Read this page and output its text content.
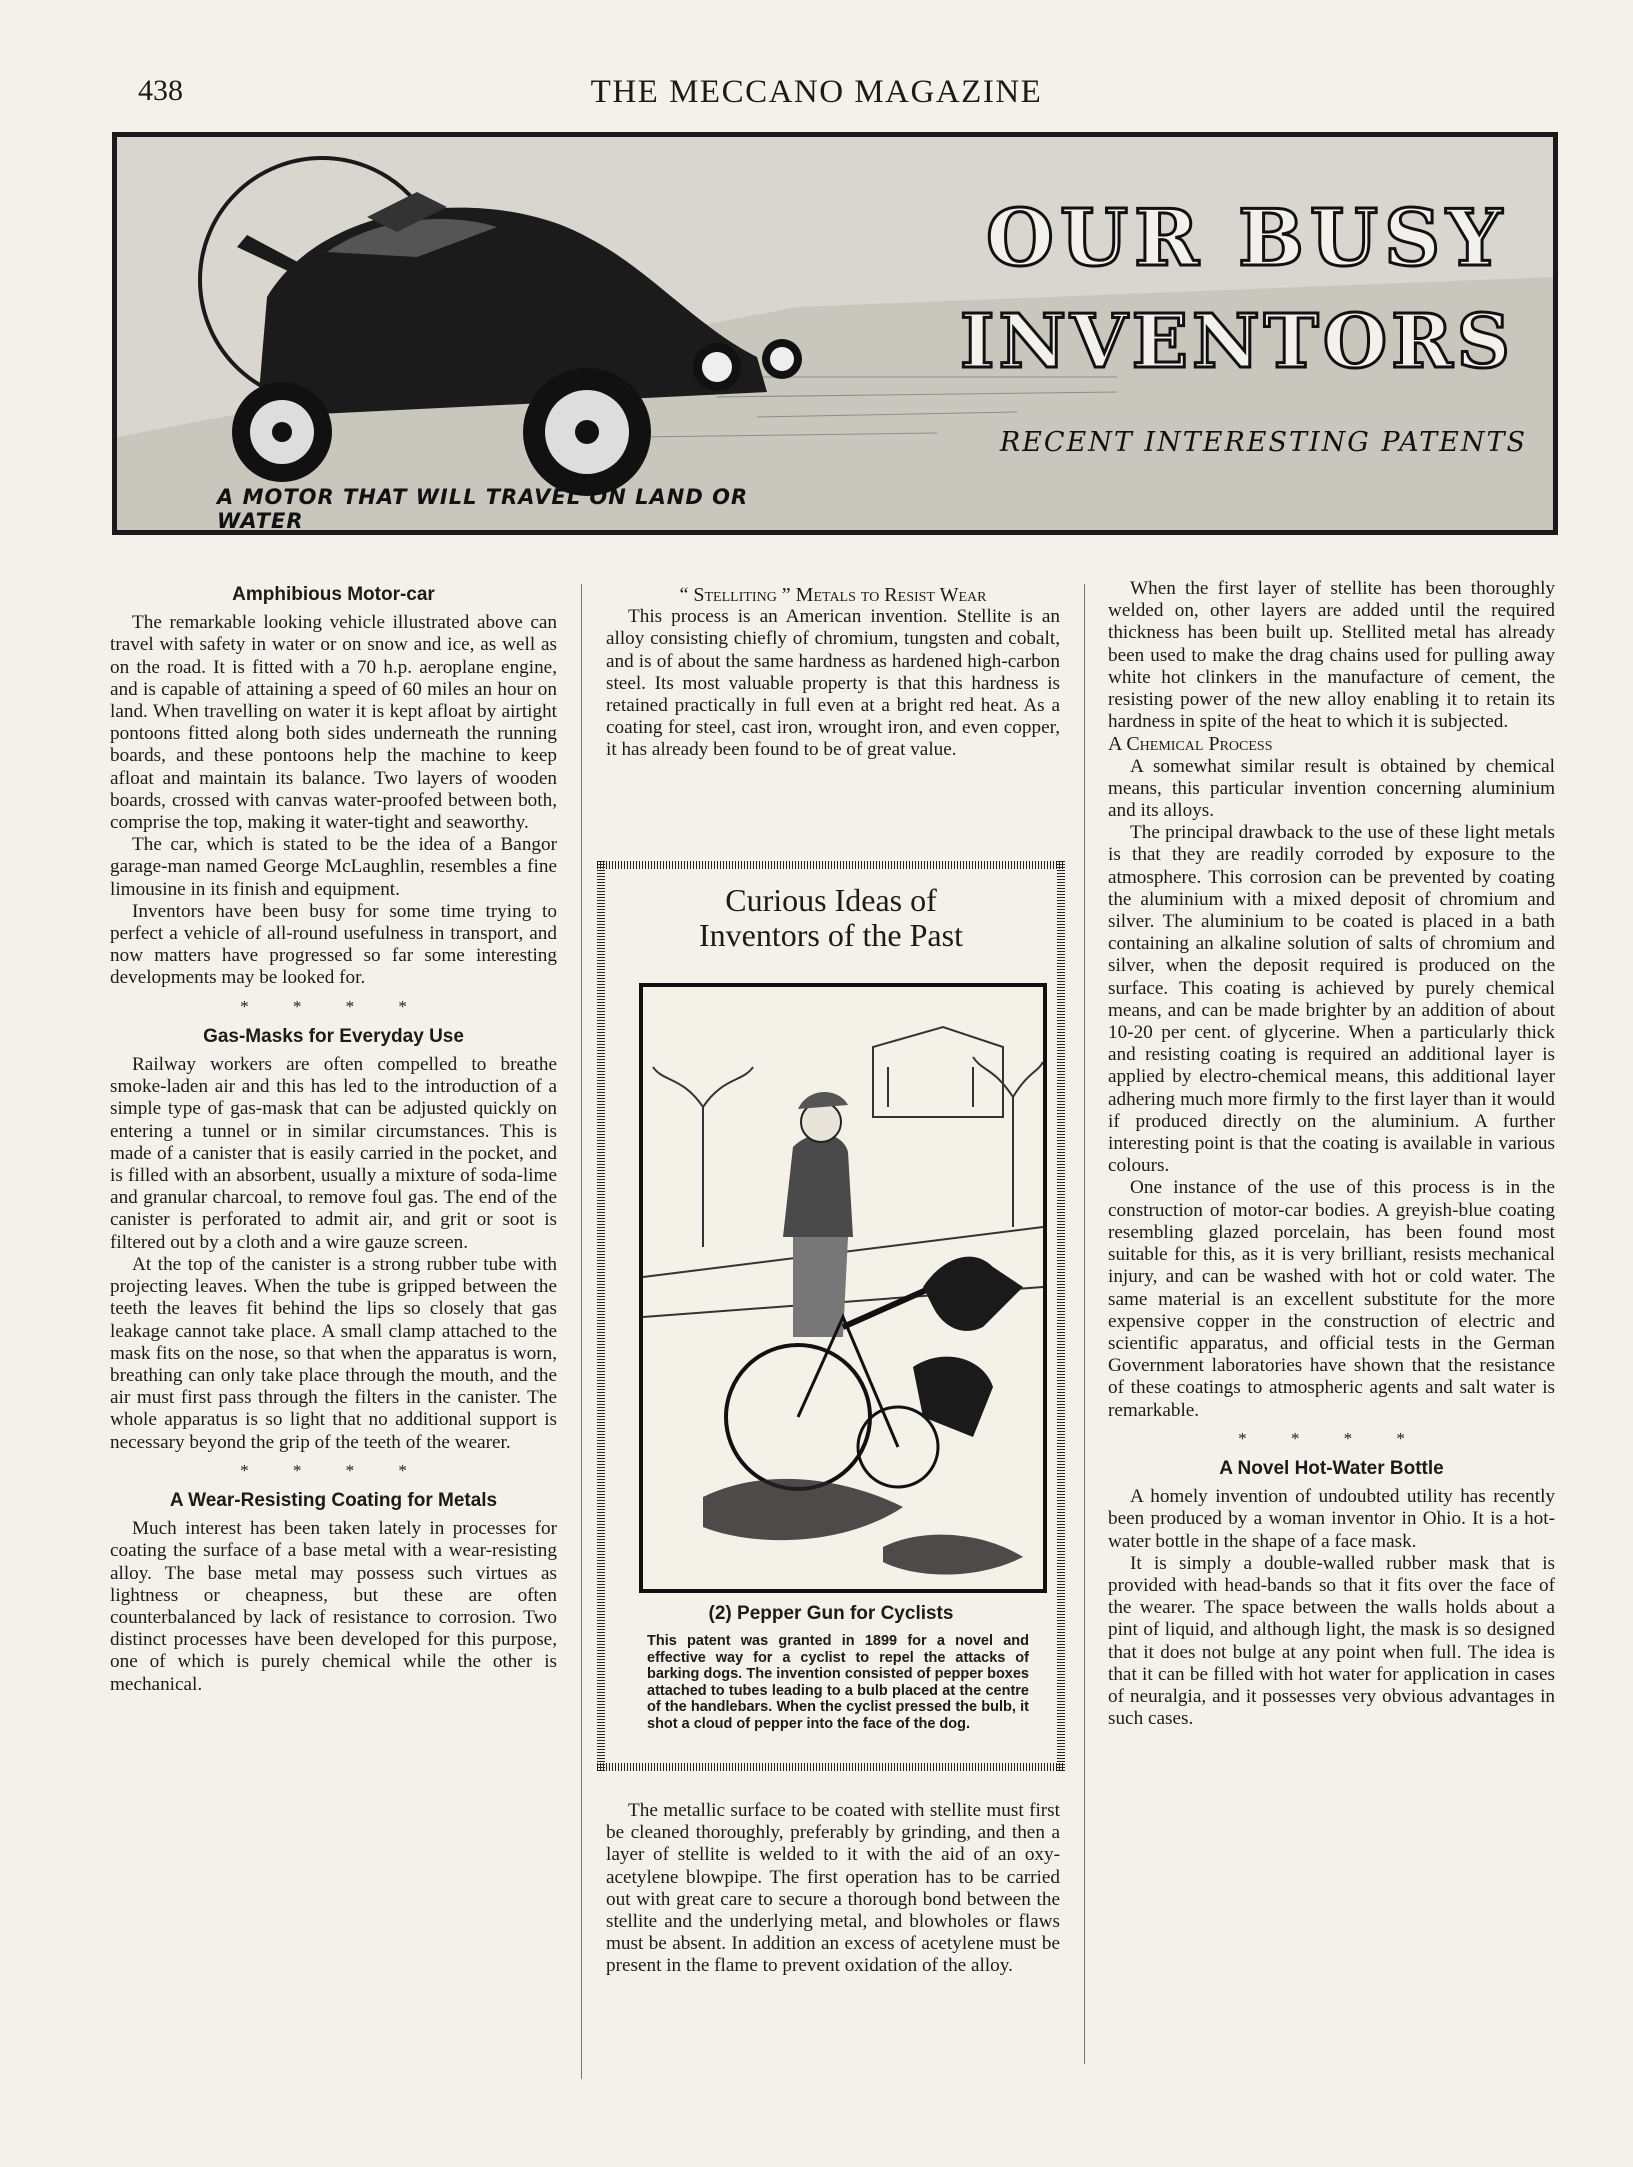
438	THE MECCANO MAGAZINE
OUR BUSY
INVENTORS
RECENT INTERESTING PATENTS
A MOTOR THAT WILL TRAVEL ON LAND OR WATER
Amphibious Motor-car

The remarkable looking vehicle illustrated above can travel with safety in water or on snow and ice, as well as on the road. It is fitted with a 70 h.p. aeroplane engine, and is capable of attaining a speed of 60 miles an hour on land. When travelling on water it is kept afloat by airtight pontoons fitted along both sides underneath the running boards, and these pontoons help the machine to keep afloat and maintain its balance. Two layers of wooden boards, crossed with canvas water-proofed between both, comprise the top, making it water-tight and seaworthy.

The car, which is stated to be the idea of a Bangor garage-man named George McLaughlin, resembles a fine limousine in its finish and equipment.

Inventors have been busy for some time trying to perfect a vehicle of all-round usefulness in transport, and now matters have progressed so far some interesting developments may be looked for.

* * * *
Gas-Masks for Everyday Use

Railway workers are often compelled to breathe smoke-laden air and this has led to the introduction of a simple type of gas-mask that can be adjusted quickly on entering a tunnel or in similar circumstances. This is made of a canister that is easily carried in the pocket, and is filled with an absorbent, usually a mixture of soda-lime and granular charcoal, to remove foul gas. The end of the canister is perforated to admit air, and grit or soot is filtered out by a cloth and a wire gauze screen.

At the top of the canister is a strong rubber tube with projecting leaves. When the tube is gripped between the teeth the leaves fit behind the lips so closely that gas leakage cannot take place. A small clamp attached to the mask fits on the nose, so that when the apparatus is worn, breathing can only take place through the mouth, and the air must first pass through the filters in the canister. The whole apparatus is so light that no additional support is necessary beyond the grip of the teeth of the wearer.

* * * *
A Wear-Resisting Coating for Metals

Much interest has been taken lately in processes for coating the surface of a base metal with a wear-resisting alloy. The base metal may possess such virtues as lightness or cheapness, but these are often counterbalanced by lack of resistance to corrosion. Two distinct processes have been developed for this purpose, one of which is purely chemical while the other is mechanical.

“ Stelliting ” Metals to Resist Wear

This process is an American invention. Stellite is an alloy consisting chiefly of chromium, tungsten and cobalt, and is of about the same hardness as hardened high-carbon steel. Its most valuable property is that this hardness is retained practically in full even at a bright red heat. As a coating for steel, cast iron, wrought iron, and even copper, it has already been found to be of great value.

Curious Ideas of
Inventors of the Past
(2) Pepper Gun for Cyclists
This patent was granted in 1899 for a novel and effective way for a cyclist to repel the attacks of barking dogs. The invention consisted of pepper boxes attached to tubes leading to a bulb placed at the centre of the handlebars. When the cyclist pressed the bulb, it shot a cloud of pepper into the face of the dog.

The metallic surface to be coated with stellite must first be cleaned thoroughly, preferably by grinding, and then a layer of stellite is welded to it with the aid of an oxy-acetylene blowpipe. The first operation has to be carried out with great care to secure a thorough bond between the stellite and the underlying metal, and blowholes or flaws must be absent. In addition an excess of acetylene must be present in the flame to prevent oxidation of the alloy.

When the first layer of stellite has been thoroughly welded on, other layers are added until the required thickness has been built up. Stellited metal has already been used to make the drag chains used for pulling away white hot clinkers in the manufacture of cement, the resisting power of the new alloy enabling it to retain its hardness in spite of the heat to which it is subjected.

A Chemical Process

A somewhat similar result is obtained by chemical means, this particular invention concerning aluminium and its alloys.

The principal drawback to the use of these light metals is that they are readily corroded by exposure to the atmosphere. This corrosion can be prevented by coating the aluminium with a mixed deposit of chromium and silver. The aluminium to be coated is placed in a bath containing an alkaline solution of salts of chromium and silver, when the deposit required is produced on the surface. This coating is achieved by purely chemical means, and can be made brighter by an addition of about 10-20 per cent. of glycerine. When a particularly thick and resisting coating is required an additional layer is applied by electro-chemical means, this additional layer adhering much more firmly to the first layer than it would if produced directly on the aluminium. A further interesting point is that the coating is available in various colours.

One instance of the use of this process is in the construction of motor-car bodies. A greyish-blue coating resembling glazed porcelain, has been found most suitable for this, as it is very brilliant, resists mechanical injury, and can be washed with hot or cold water. The same material is an excellent substitute for the more expensive copper in the construction of electric and scientific apparatus, and official tests in the German Government laboratories have shown that the resistance of these coatings to atmospheric agents and salt water is remarkable.

* * * *
A Novel Hot-Water Bottle

A homely invention of undoubted utility has recently been produced by a woman inventor in Ohio. It is a hot-water bottle in the shape of a face mask.

It is simply a double-walled rubber mask that is provided with head-bands so that it fits over the face of the wearer. The space between the walls holds about a pint of liquid, and although light, the mask is so designed that it does not bulge at any point when full. The idea is that it can be filled with hot water for application in cases of neuralgia, and it possesses very obvious advantages in such cases.
